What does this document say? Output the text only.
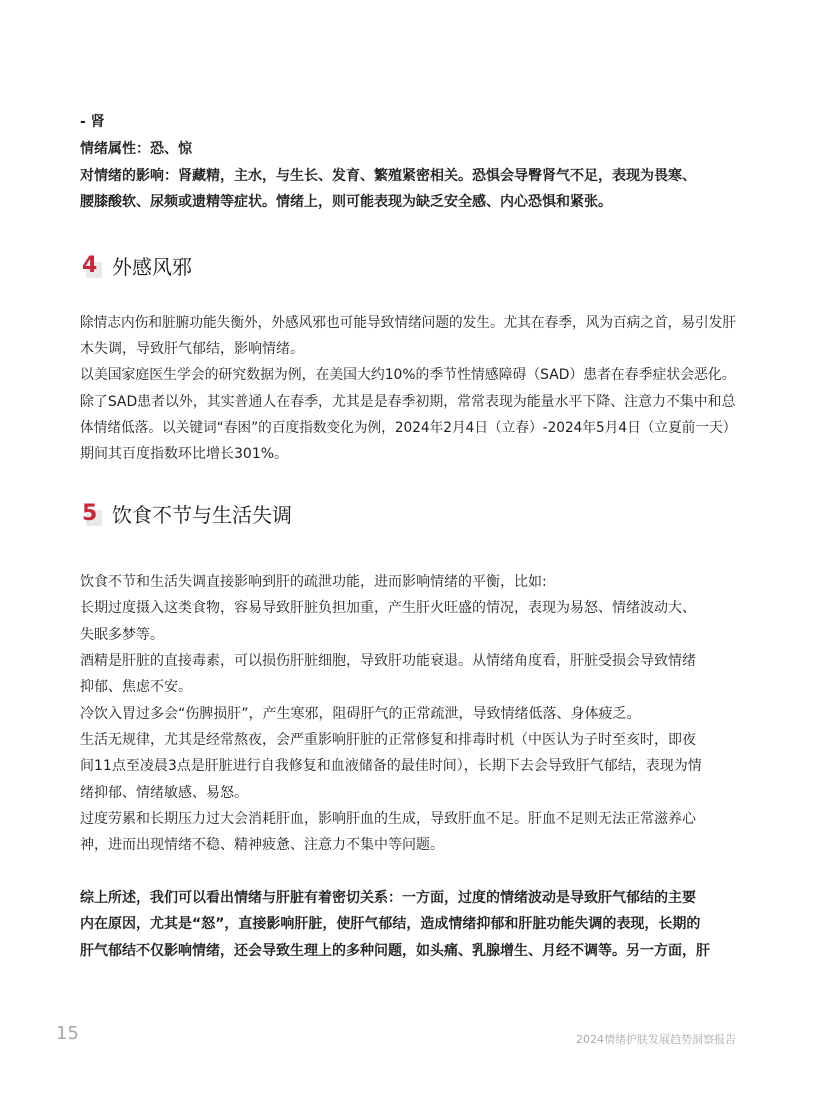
- 肾
情绪属性：恐、惊
对情绪的影响：肾藏精，主水，与生长、发育、繁殖紧密相关。恐惧会导臀肾气不足，表现为畏寒、
腰膝酸软、尿频或遗精等症状。情绪上，则可能表现为缺乏安全感、内心恐惧和紧张。
4 外感风邪
除情志内伤和脏腑功能失衡外，外感风邪也可能导致情绪问题的发生。尤其在春季，风为百病之首，易引发肝
木失调，导致肝气郁结，影响情绪。
以美国家庭医生学会的研究数据为例，在美国大约10%的季节性情感障碍（SAD）患者在春季症状会恶化。
除了SAD患者以外，其实普通人在春季，尤其是是春季初期，常常表现为能量水平下降、注意力不集中和总
体情绪低落。以关键词“春困”的百度指数变化为例，2024年2月4日（立春）-2024年5月4日（立夏前一天）
期间其百度指数环比增长301%。
5 饮食不节与生活失调
饮食不节和生活失调直接影响到肝的疏泄功能，进而影响情绪的平衡，比如:
长期过度摄入这类食物，容易导致肝脏负担加重，产生肝火旺盛的情况，表现为易怒、情绪波动大、
失眠多梦等。
酒精是肝脏的直接毒素，可以损伤肝脏细胞，导致肝功能衰退。从情绪角度看，肝脏受损会导致情绪
抑郁、焦虑不安。
冷饮入胃过多会“伤脾损肝”，产生寒邪，阻碍肝气的正常疏泄，导致情绪低落、身体疲乏。
生活无规律，尤其是经常熬夜，会严重影响肝脏的正常修复和排毒时机（中医认为子时至亥时，即夜
间11点至凌晨3点是肝脏进行自我修复和血液储备的最佳时间），长期下去会导致肝气郁结，表现为情
绪抑郁、情绪敏感、易怒。
过度劳累和长期压力过大会消耗肝血，影响肝血的生成，导致肝血不足。肝血不足则无法正常滋养心
神，进而出现情绪不稳、精神疲惫、注意力不集中等问题。
综上所述，我们可以看出情绪与肝脏有着密切关系：一方面，过度的情绪波动是导致肝气郁结的主要
内在原因，尤其是“怒”，直接影响肝脏，使肝气郁结，造成情绪抑郁和肝脏功能失调的表现，长期的
肝气郁结不仅影响情绪，还会导致生理上的多种问题，如头痛、乳腺增生、月经不调等。另一方面，肝
15	2024情绪护肤发展趋势洞察报告
